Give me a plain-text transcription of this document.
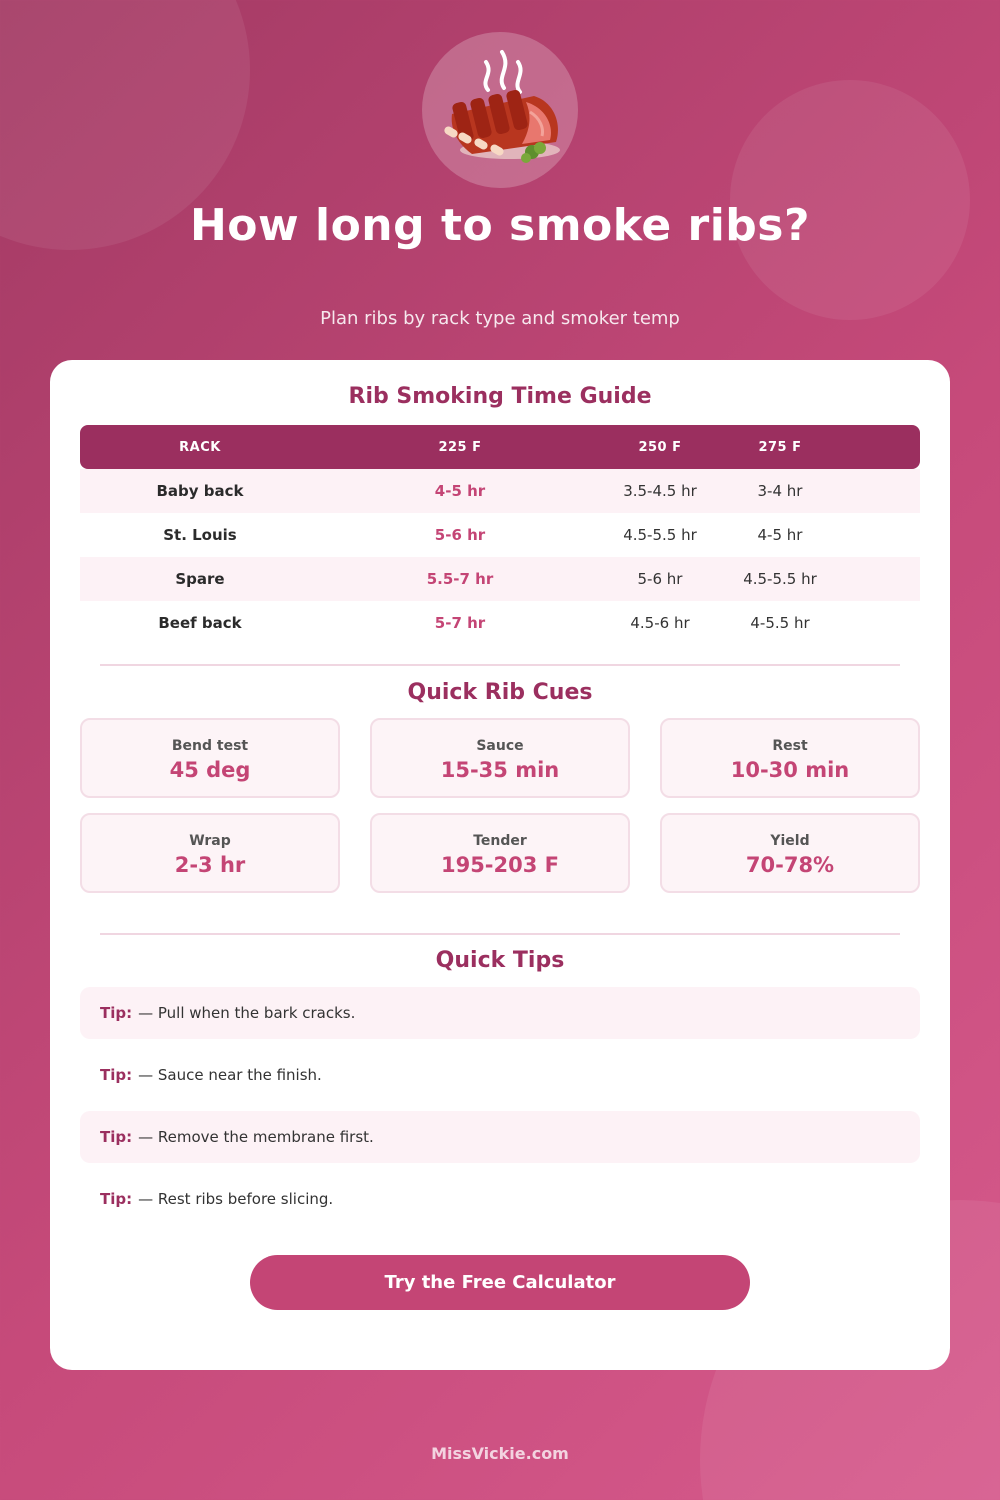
How long to smoke ribs?

Plan ribs by rack type and smoker temp

Rib Smoking Time Guide
RACK	225 F	250 F	275 F
Baby back	4-5 hr	3.5-4.5 hr	3-4 hr
St. Louis	5-6 hr	4.5-5.5 hr	4-5 hr
Spare	5.5-7 hr	5-6 hr	4.5-5.5 hr
Beef back	5-7 hr	4.5-6 hr	4-5.5 hr
Quick Rib Cues
Bend test
45 deg
Sauce
15-35 min
Rest
10-30 min
Wrap
2-3 hr
Tender
195-203 F
Yield
70-78%
Quick Tips
Tip: — Pull when the bark cracks.
Tip: — Sauce near the finish.
Tip: — Remove the membrane first.
Tip: — Rest ribs before slicing.
Try the Free Calculator
MissVickie.com
